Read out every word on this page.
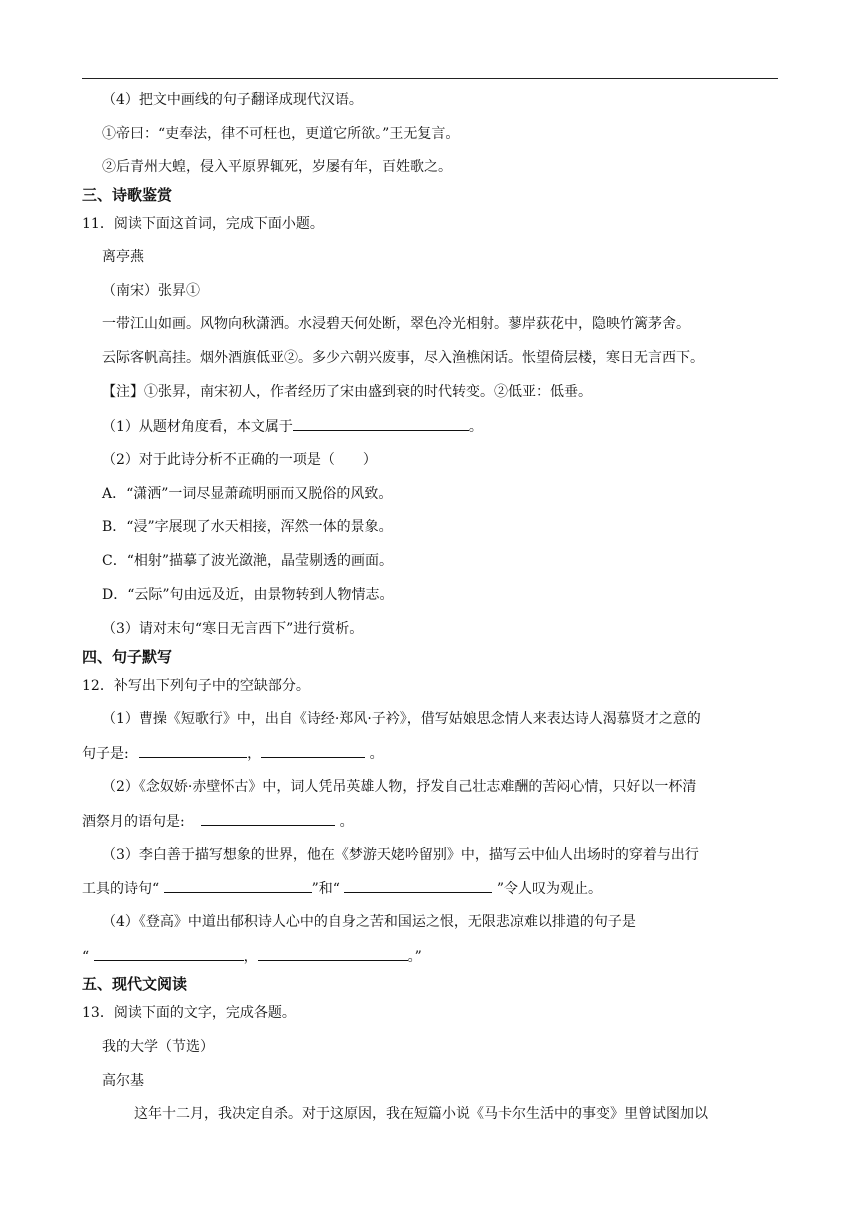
（4）把文中画线的句子翻译成现代汉语。
①帝曰：“吏奉法，律不可枉也，更道它所欲。”王无复言。
②后青州大蝗，侵入平原界辄死，岁屡有年，百姓歌之。
三、诗歌鉴赏
11．阅读下面这首词，完成下面小题。
离亭燕
（南宋）张昇①
一带江山如画。风物向秋潇洒。水浸碧天何处断，翠色冷光相射。蓼岸荻花中，隐映竹篱茅舍。
云际客帆高挂。烟外酒旗低亚②。多少六朝兴废事，尽入渔樵闲话。怅望倚层楼，寒日无言西下。
【注】①张昇，南宋初人，作者经历了宋由盛到衰的时代转变。②低亚：低垂。
（1）从题材角度看，本文属于	。
（2）对于此诗分析不正确的一项是（　　）
A．“潇洒”一词尽显萧疏明丽而又脱俗的风致。
B．“浸”字展现了水天相接，浑然一体的景象。
C．“相射”描摹了波光潋滟，晶莹剔透的画面。
D．“云际”句由远及近，由景物转到人物情志。
（3）请对末句“寒日无言西下”进行赏析。
四、句子默写
12．补写出下列句子中的空缺部分。
（1）曹操《短歌行》中，出自《诗经·郑风·子衿》，借写姑娘思念情人来表达诗人渴慕贤才之意的
句子是:	，	。
（2）《念奴娇·赤壁怀古》中，词人凭吊英雄人物，抒发自己壮志难酬的苦闷心情，只好以一杯清
酒祭月的语句是:	。
（3）李白善于描写想象的世界，他在《梦游天姥吟留别》中，描写云中仙人出场时的穿着与出行
工具的诗句“	”和“	”令人叹为观止。
（4）《登高》中道出郁积诗人心中的自身之苦和国运之恨，无限悲凉难以排遣的句子是
“	，	。”
五、现代文阅读
13．阅读下面的文字，完成各题。
我的大学（节选）
高尔基
这年十二月，我决定自杀。对于这原因，我在短篇小说《马卡尔生活中的事变》里曾试图加以
